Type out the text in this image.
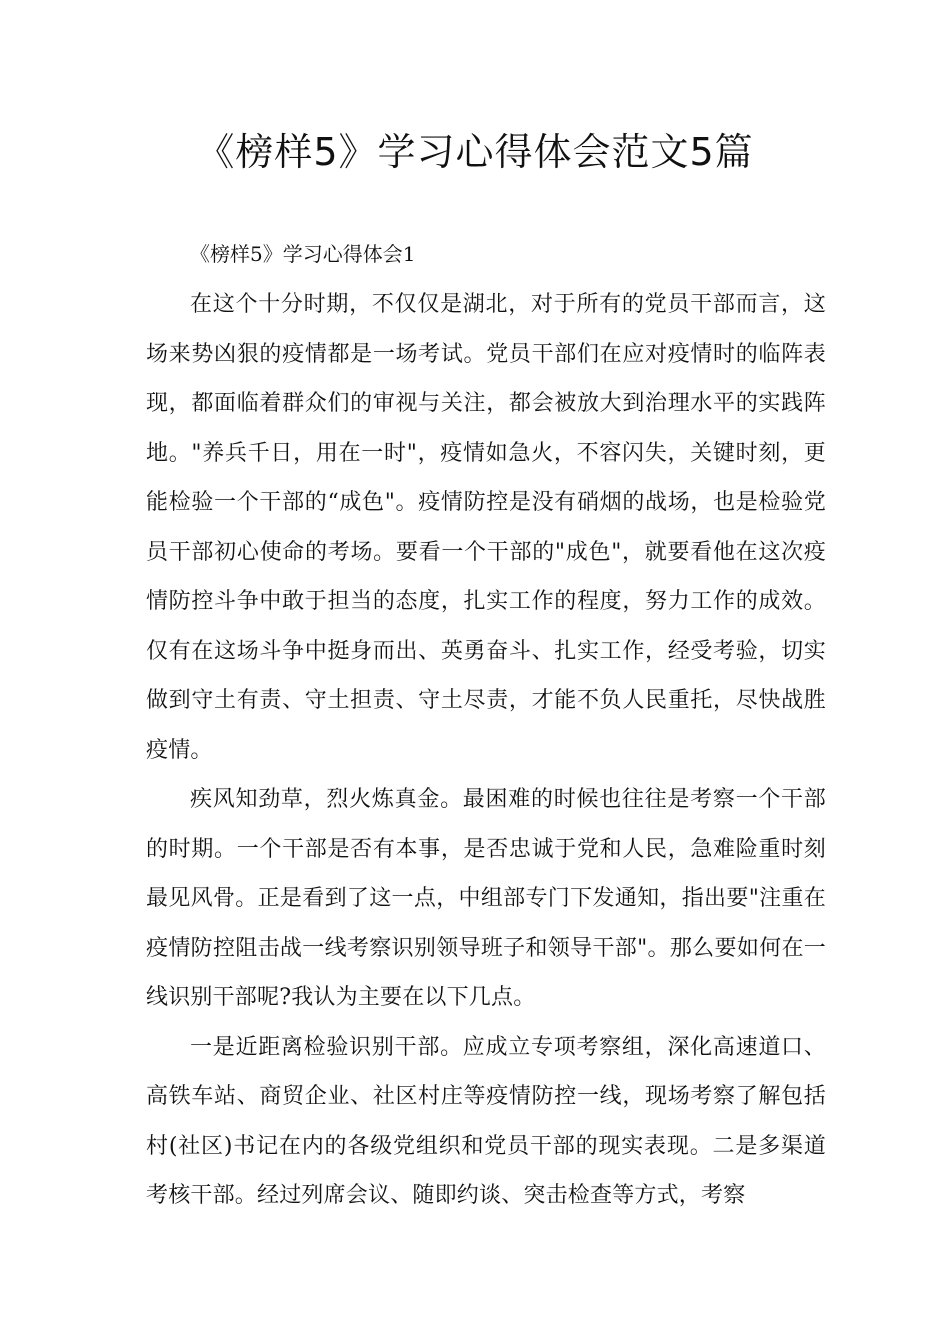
《榜样5》学习心得体会范文5篇

《榜样5》学习心得体会1

在这个十分时期，不仅仅是湖北，对于所有的党员干部而言，这场来势凶狠的疫情都是一场考试。党员干部们在应对疫情时的临阵表现，都面临着群众们的审视与关注，都会被放大到治理水平的实践阵地。"养兵千日，用在一时"，疫情如急火，不容闪失，关键时刻，更能检验一个干部的“成色"。疫情防控是没有硝烟的战场，也是检验党员干部初心使命的考场。要看一个干部的"成色"，就要看他在这次疫情防控斗争中敢于担当的态度，扎实工作的程度，努力工作的成效。仅有在这场斗争中挺身而出、英勇奋斗、扎实工作，经受考验，切实做到守土有责、守土担责、守土尽责，才能不负人民重托，尽快战胜疫情。

疾风知劲草，烈火炼真金。最困难的时候也往往是考察一个干部的时期。一个干部是否有本事，是否忠诚于党和人民，急难险重时刻最见风骨。正是看到了这一点，中组部专门下发通知，指出要"注重在疫情防控阻击战一线考察识别领导班子和领导干部"。那么要如何在一线识别干部呢?我认为主要在以下几点。

一是近距离检验识别干部。应成立专项考察组，深化高速道口、高铁车站、商贸企业、社区村庄等疫情防控一线，现场考察了解包括村(社区)书记在内的各级党组织和党员干部的现实表现。二是多渠道考核干部。经过列席会议、随即约谈、突击检查等方式，考察
